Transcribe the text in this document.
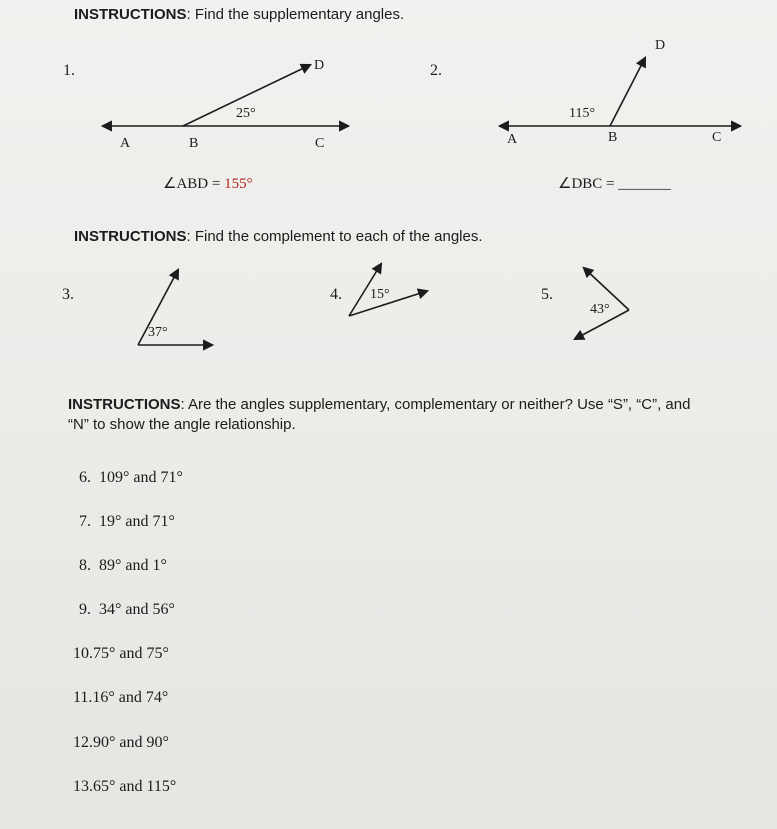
INSTRUCTIONS: Find the supplementary angles.
1.
A	B	C
D
25°
∠ABD = 155°
2.
A	B	C
D
115°
∠DBC = _______
INSTRUCTIONS: Find the complement to each of the angles.
3.
37°
4. 15°	5.
43°
INSTRUCTIONS: Are the angles supplementary, complementary or neither? Use “S”, “C”, and
“N” to show the angle relationship.
6. 109° and 71°
7. 19° and 71°
8. 89° and 1°
9. 34° and 56°
10.75° and 75°
11.16° and 74°
12.90° and 90°
13.65° and 115°
